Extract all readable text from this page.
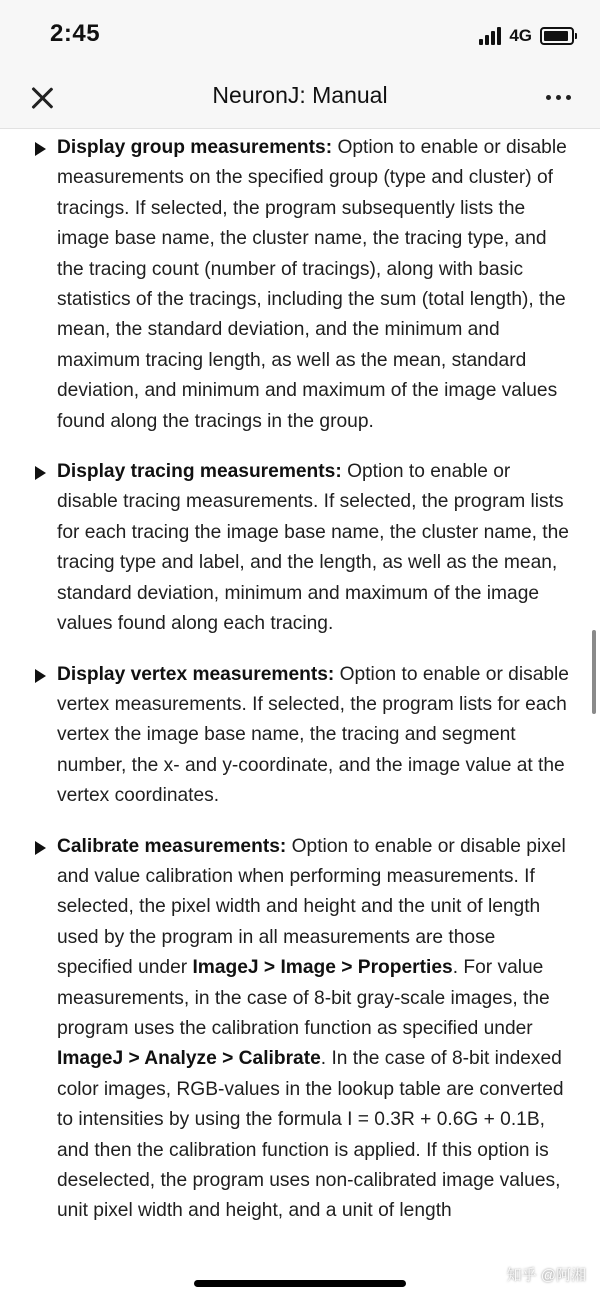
2:45	4G
NeuronJ: Manual
Display group measurements: Option to enable or disable measurements on the specified group (type and cluster) of tracings. If selected, the program subsequently lists the image base name, the cluster name, the tracing type, and the tracing count (number of tracings), along with basic statistics of the tracings, including the sum (total length), the mean, the standard deviation, and the minimum and maximum tracing length, as well as the mean, standard deviation, and minimum and maximum of the image values found along the tracings in the group.
Display tracing measurements: Option to enable or disable tracing measurements. If selected, the program lists for each tracing the image base name, the cluster name, the tracing type and label, and the length, as well as the mean, standard deviation, minimum and maximum of the image values found along each tracing.
Display vertex measurements: Option to enable or disable vertex measurements. If selected, the program lists for each vertex the image base name, the tracing and segment number, the x- and y-coordinate, and the image value at the vertex coordinates.
Calibrate measurements: Option to enable or disable pixel and value calibration when performing measurements. If selected, the pixel width and height and the unit of length used by the program in all measurements are those specified under ImageJ > Image > Properties. For value measurements, in the case of 8-bit gray-scale images, the program uses the calibration function as specified under ImageJ > Analyze > Calibrate. In the case of 8-bit indexed color images, RGB-values in the lookup table are converted to intensities by using the formula I = 0.3R + 0.6G + 0.1B, and then the calibration function is applied. If this option is deselected, the program uses non-calibrated image values, unit pixel width and height, and a unit of length
知乎 @阿湘
